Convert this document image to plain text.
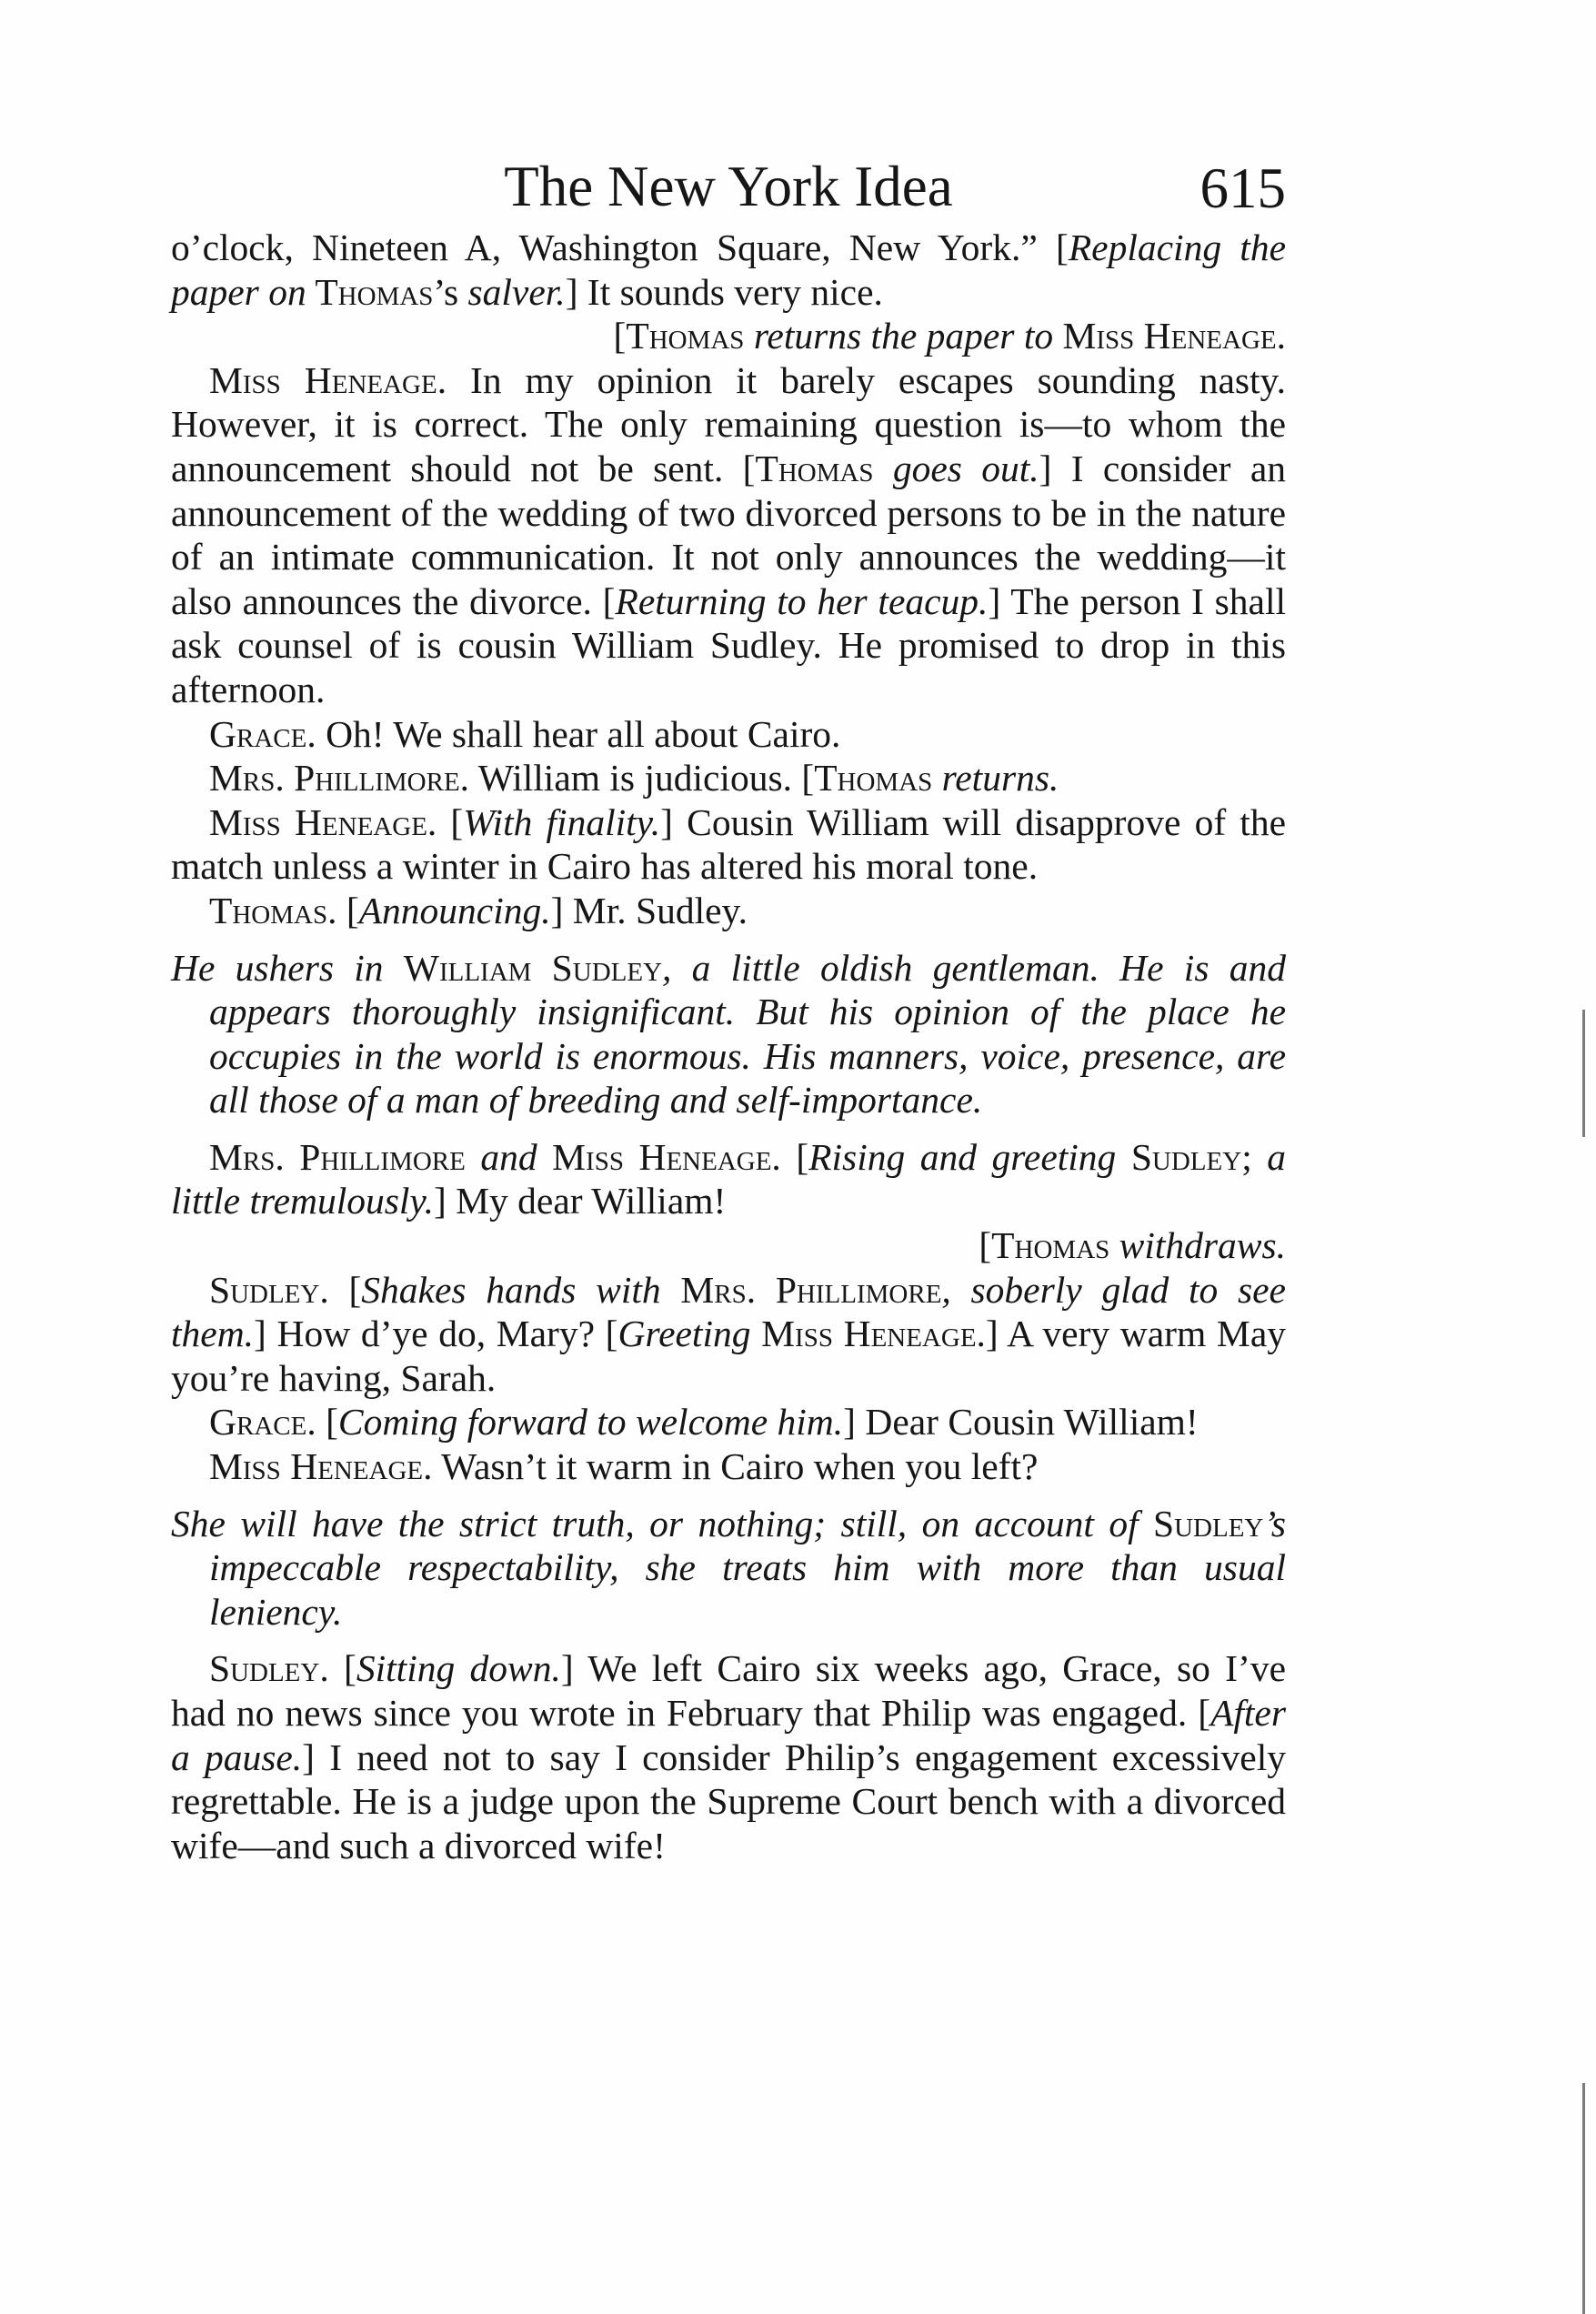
The New York Idea	615

o’clock, Nineteen A, Washington Square, New York.” [Replacing the paper on Thomas’s salver.] It sounds very nice.

[Thomas returns the paper to Miss Heneage.

Miss Heneage. In my opinion it barely escapes sounding nasty. However, it is correct. The only remaining question is—to whom the announcement should not be sent. [Thomas goes out.] I consider an announcement of the wedding of two divorced persons to be in the nature of an intimate communication. It not only announces the wedding—it also announces the divorce. [Returning to her teacup.] The person I shall ask counsel of is cousin William Sudley. He promised to drop in this afternoon.

Grace. Oh! We shall hear all about Cairo.

Mrs. Phillimore. William is judicious. [Thomas returns.

Miss Heneage. [With finality.] Cousin William will disapprove of the match unless a winter in Cairo has altered his moral tone.

Thomas. [Announcing.] Mr. Sudley.

He ushers in William Sudley, a little oldish gentleman. He is and appears thoroughly insignificant. But his opinion of the place he occupies in the world is enormous. His manners, voice, presence, are all those of a man of breeding and self-importance.

Mrs. Phillimore and Miss Heneage. [Rising and greeting Sudley; a little tremulously.] My dear William!

[Thomas withdraws.

Sudley. [Shakes hands with Mrs. Phillimore, soberly glad to see them.] How d’ye do, Mary? [Greeting Miss Heneage.] A very warm May you’re having, Sarah.

Grace. [Coming forward to welcome him.] Dear Cousin William!

Miss Heneage. Wasn’t it warm in Cairo when you left?

She will have the strict truth, or nothing; still, on account of Sudley’s impeccable respectability, she treats him with more than usual leniency.

Sudley. [Sitting down.] We left Cairo six weeks ago, Grace, so I’ve had no news since you wrote in February that Philip was engaged. [After a pause.] I need not to say I consider Philip’s engagement excessively regrettable. He is a judge upon the Supreme Court bench with a divorced wife—and such a divorced wife!
